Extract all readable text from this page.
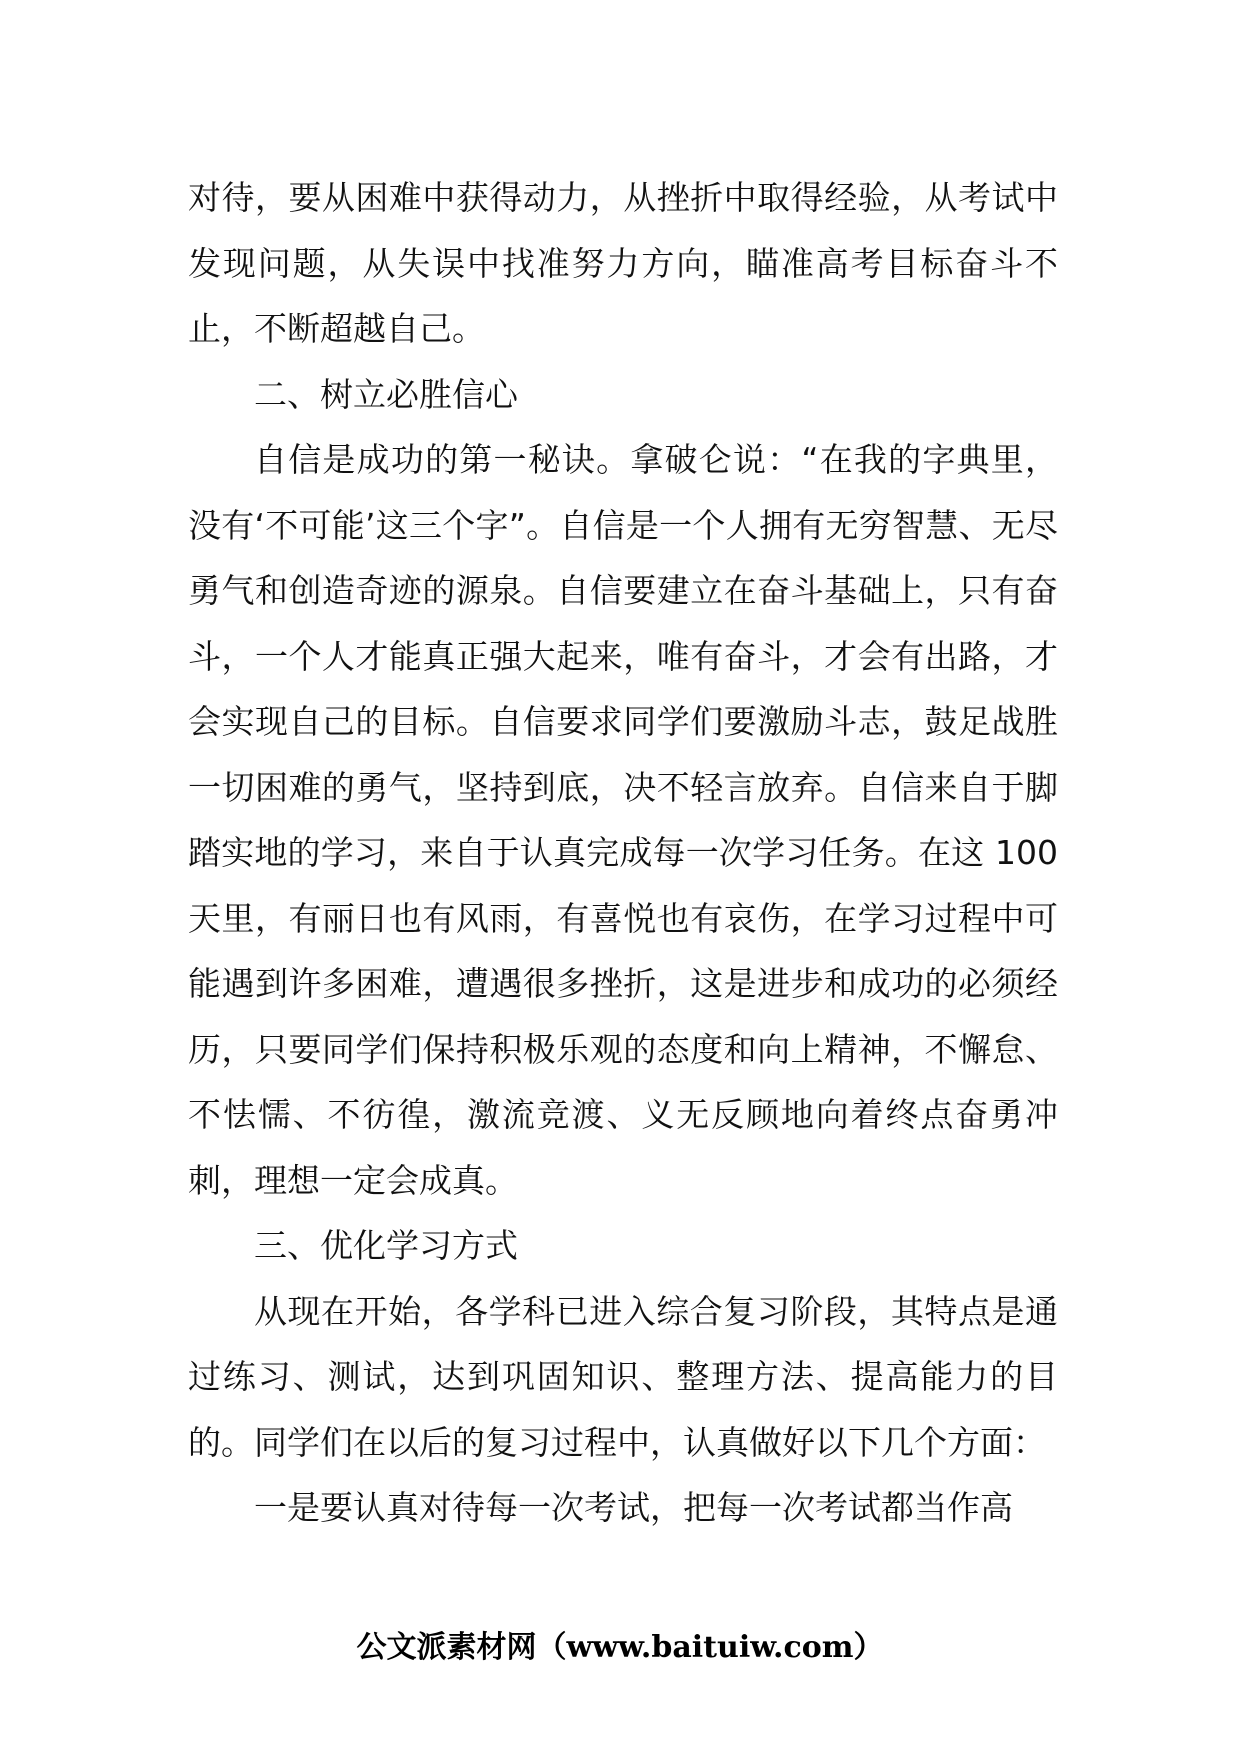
对待，要从困难中获得动力，从挫折中取得经验，从考试中发现问题，从失误中找准努力方向，瞄准高考目标奋斗不止，不断超越自己。

二、树立必胜信心

自信是成功的第一秘诀。拿破仑说：“在我的字典里，没有‘不可能’这三个字”。自信是一个人拥有无穷智慧、无尽勇气和创造奇迹的源泉。自信要建立在奋斗基础上，只有奋斗，一个人才能真正强大起来，唯有奋斗，才会有出路，才会实现自己的目标。自信要求同学们要激励斗志，鼓足战胜一切困难的勇气，坚持到底，决不轻言放弃。自信来自于脚踏实地的学习，来自于认真完成每一次学习任务。在这 100 天里，有丽日也有风雨，有喜悦也有哀伤，在学习过程中可能遇到许多困难，遭遇很多挫折，这是进步和成功的必须经历，只要同学们保持积极乐观的态度和向上精神，不懈怠、不怯懦、不彷徨，激流竞渡、义无反顾地向着终点奋勇冲刺，理想一定会成真。

三、优化学习方式

从现在开始，各学科已进入综合复习阶段，其特点是通过练习、测试，达到巩固知识、整理方法、提高能力的目的。同学们在以后的复习过程中，认真做好以下几个方面：

一是要认真对待每一次考试，把每一次考试都当作高

公文派素材网（www.baituiw.com）
